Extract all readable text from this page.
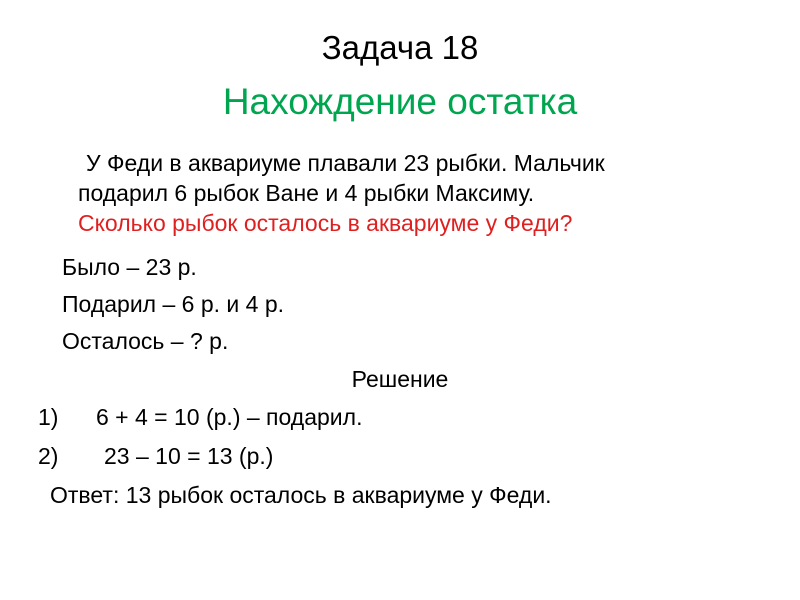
Задача 18
Нахождение остатка
У Феди в аквариуме плавали 23 рыбки. Мальчик
подарил 6 рыбок Ване и 4 рыбки Максиму.
Сколько рыбок осталось в аквариуме у Феди?
Было – 23 р.
Подарил – 6 р. и 4 р.
Осталось – ? р.
Решение
1) 6 + 4 = 10 (р.) – подарил.
2) 23 – 10 = 13 (р.)
Ответ: 13 рыбок осталось в аквариуме у Феди.
